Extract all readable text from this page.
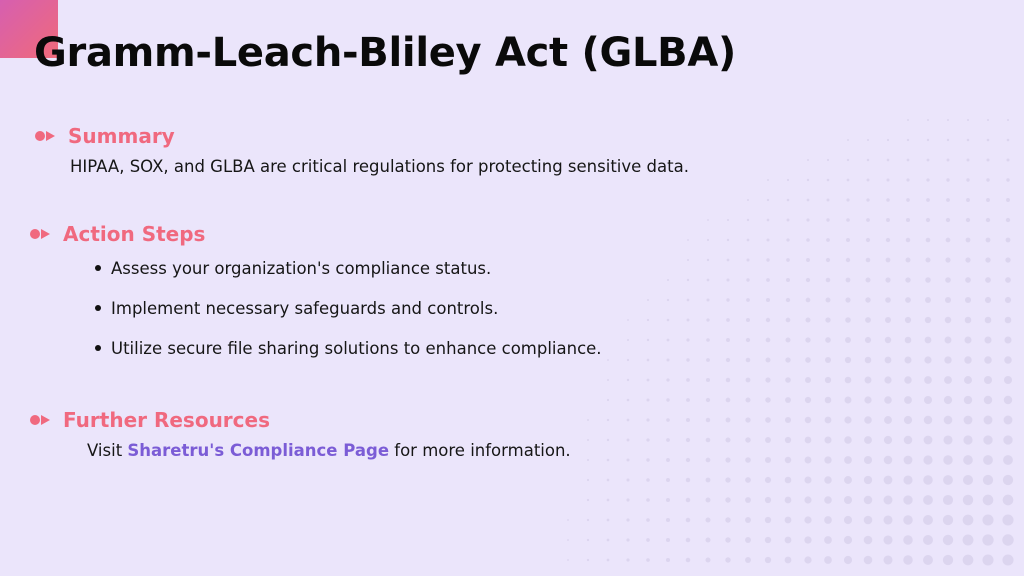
Gramm-Leach-Bliley Act (GLBA)
Summary
HIPAA, SOX, and GLBA are critical regulations for protecting sensitive data.
Action Steps
Assess your organization's compliance status.
Implement necessary safeguards and controls.
Utilize secure file sharing solutions to enhance compliance.
Further Resources
Visit Sharetru's Compliance Page for more information.
